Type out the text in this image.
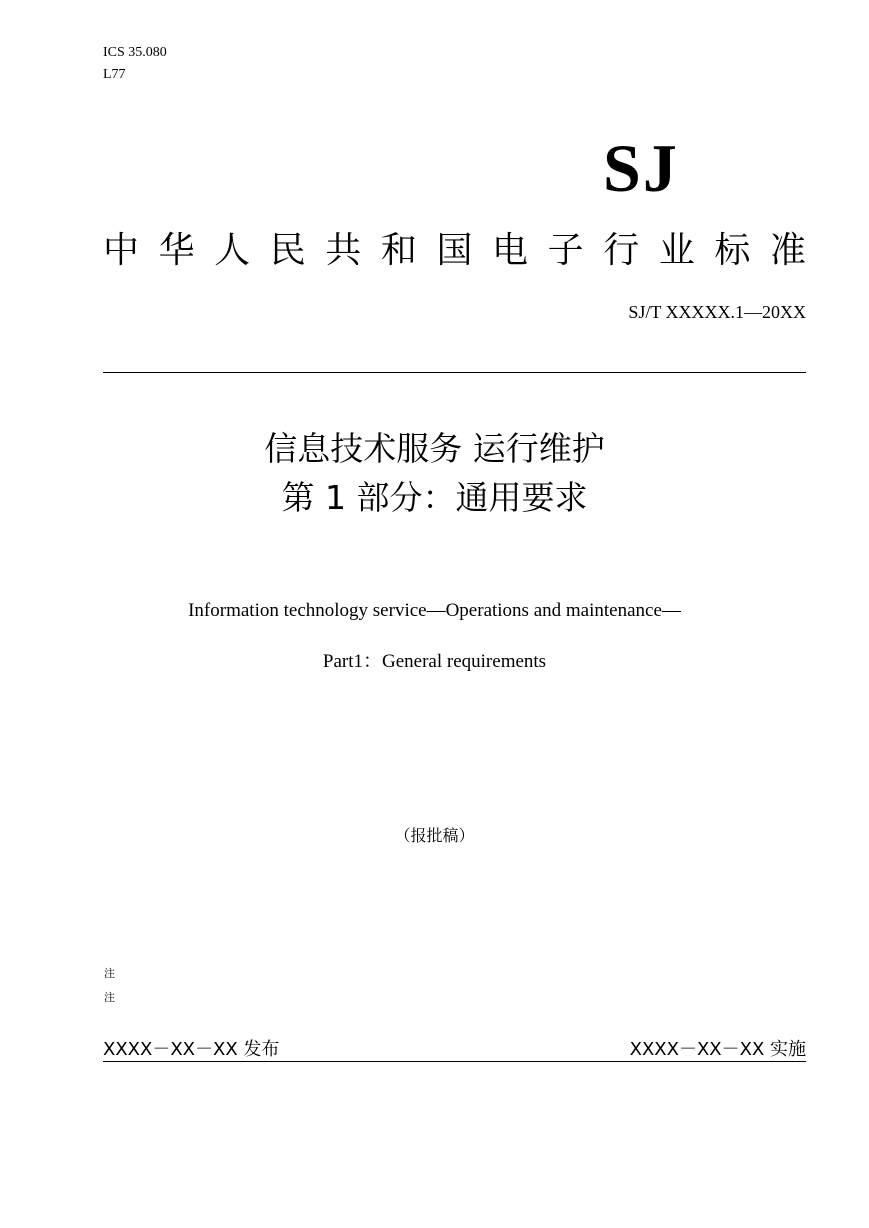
ICS 35.080
L77
SJ
中 华 人 民 共 和 国 电 子 行 业 标 准
SJ/T XXXXX.1—20XX
信息技术服务 运行维护
第 1 部分：通用要求
Information technology service—Operations and maintenance—
Part1：General requirements
（报批稿）
注
注
XXXX－XX－XX 发布	XXXX－XX－XX 实施
